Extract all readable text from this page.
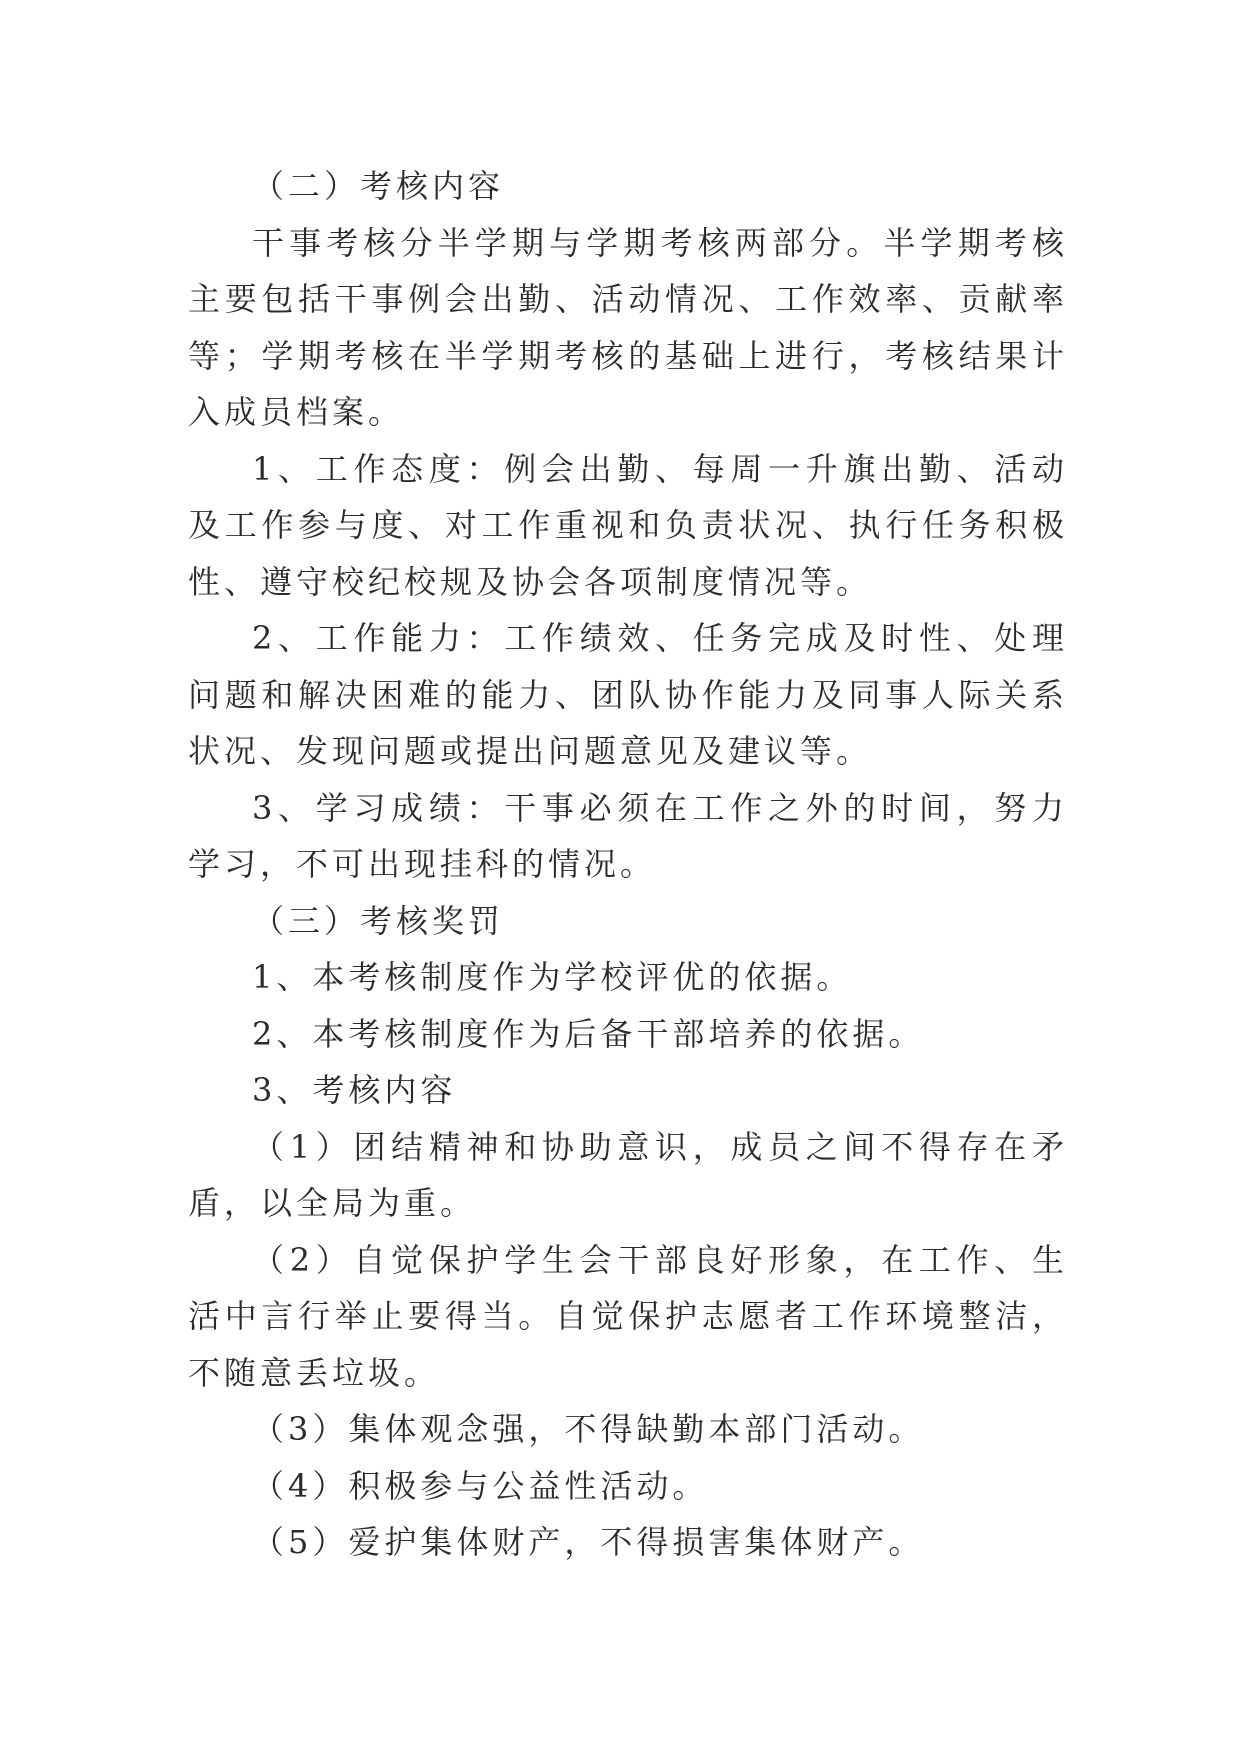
（二）考核内容

干事考核分半学期与学期考核两部分。半学期考核主要包括干事例会出勤、活动情况、工作效率、贡献率等；学期考核在半学期考核的基础上进行，考核结果计入成员档案。

1、工作态度：例会出勤、每周一升旗出勤、活动及工作参与度、对工作重视和负责状况、执行任务积极性、遵守校纪校规及协会各项制度情况等。

2、工作能力：工作绩效、任务完成及时性、处理问题和解决困难的能力、团队协作能力及同事人际关系状况、发现问题或提出问题意见及建议等。

3、学习成绩：干事必须在工作之外的时间，努力学习，不可出现挂科的情况。

（三）考核奖罚

1、本考核制度作为学校评优的依据。

2、本考核制度作为后备干部培养的依据。

3、考核内容

（1）团结精神和协助意识，成员之间不得存在矛盾，以全局为重。

（2）自觉保护学生会干部良好形象，在工作、生活中言行举止要得当。自觉保护志愿者工作环境整洁，不随意丢垃圾。

（3）集体观念强，不得缺勤本部门活动。

（4）积极参与公益性活动。

（5）爱护集体财产，不得损害集体财产。
